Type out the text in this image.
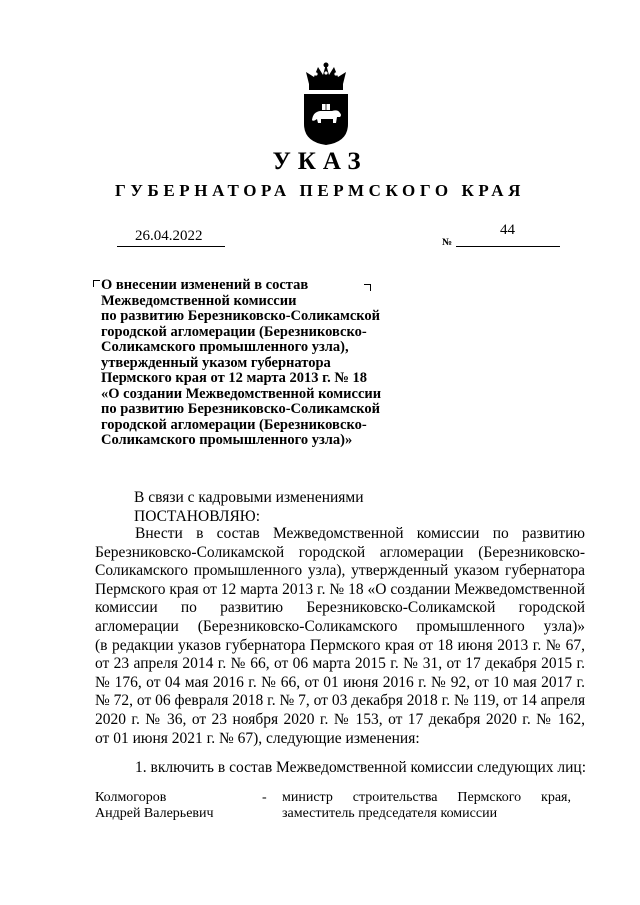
УКАЗ
ГУБЕРНАТОРА ПЕРМСКОГО КРАЯ
26.04.2022	№
44
О внесении изменений в состав
Межведомственной комиссии
по развитию Березниковско-Соликамской
городской агломерации (Березниковско-
Соликамского промышленного узла),
утвержденный указом губернатора
Пермского края от 12 марта 2013 г. № 18
«О создании Межведомственной комиссии
по развитию Березниковско-Соликамской
городской агломерации (Березниковско-
Соликамского промышленного узла)»
В связи с кадровыми изменениями
ПОСТАНОВЛЯЮ:
Внести в состав Межведомственной комиссии по развитию
Березниковско-Соликамской городской агломерации (Березниковско-
Соликамского промышленного узла), утвержденный указом губернатора
Пермского края от 12 марта 2013 г. № 18 «О создании Межведомственной
комиссии по развитию Березниковско-Соликамской городской
агломерации (Березниковско-Соликамского промышленного узла)»
(в редакции указов губернатора Пермского края от 18 июня 2013 г. № 67,
от 23 апреля 2014 г. № 66, от 06 марта 2015 г. № 31, от 17 декабря 2015 г.
№ 176, от 04 мая 2016 г. № 66, от 01 июня 2016 г. № 92, от 10 мая 2017 г.
№ 72, от 06 февраля 2018 г. № 7, от 03 декабря 2018 г. № 119, от 14 апреля
2020 г. № 36, от 23 ноября 2020 г. № 153, от 17 декабря 2020 г. № 162,
от 01 июня 2021 г. № 67), следующие изменения:
1. включить в состав Межведомственной комиссии следующих лиц:
Колмогоров
Андрей Валерьевич
- министр строительства Пермского края,
заместитель председателя комиссии
